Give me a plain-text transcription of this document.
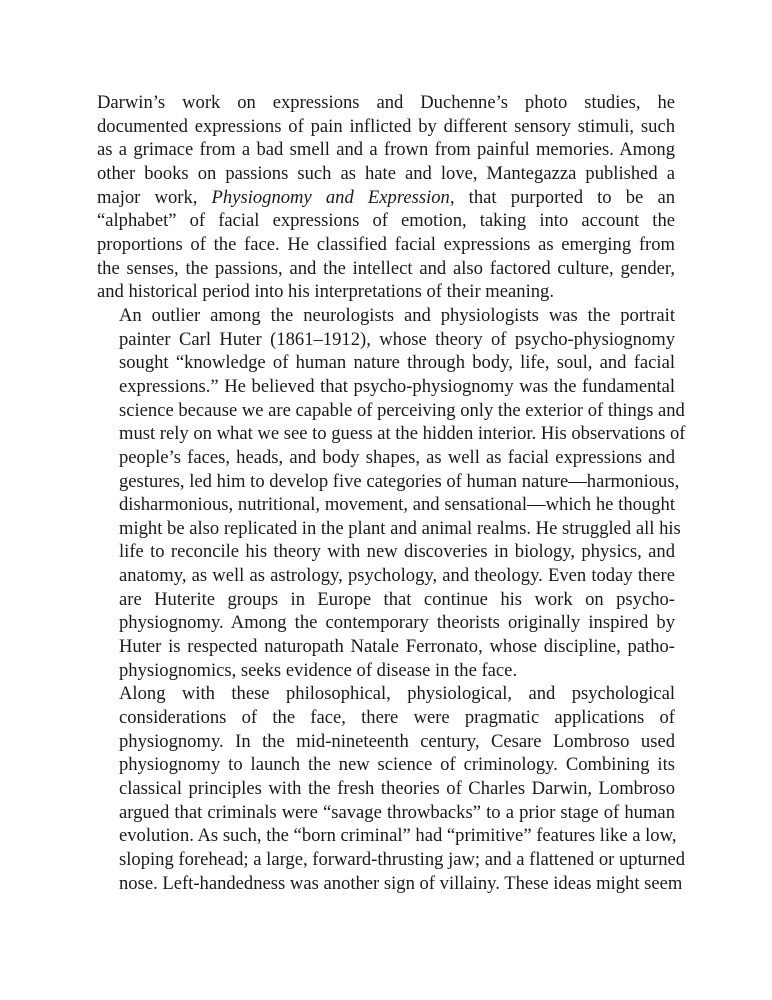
Darwin’s work on expressions and Duchenne’s photo studies, he
documented expressions of pain inflicted by different sensory stimuli, such
as a grimace from a bad smell and a frown from painful memories. Among
other books on passions such as hate and love, Mantegazza published a
major work, Physiognomy and Expression, that purported to be an
“alphabet” of facial expressions of emotion, taking into account the
proportions of the face. He classified facial expressions as emerging from
the senses, the passions, and the intellect and also factored culture, gender,
and historical period into his interpretations of their meaning.
An outlier among the neurologists and physiologists was the portrait
painter Carl Huter (1861–1912), whose theory of psycho-physiognomy
sought “knowledge of human nature through body, life, soul, and facial
expressions.” He believed that psycho-physiognomy was the fundamental
science because we are capable of perceiving only the exterior of things and
must rely on what we see to guess at the hidden interior. His observations of
people’s faces, heads, and body shapes, as well as facial expressions and
gestures, led him to develop five categories of human nature—harmonious,
disharmonious, nutritional, movement, and sensational—which he thought
might be also replicated in the plant and animal realms. He struggled all his
life to reconcile his theory with new discoveries in biology, physics, and
anatomy, as well as astrology, psychology, and theology. Even today there
are Huterite groups in Europe that continue his work on psycho-
physiognomy. Among the contemporary theorists originally inspired by
Huter is respected naturopath Natale Ferronato, whose discipline, patho-
physiognomics, seeks evidence of disease in the face.
Along with these philosophical, physiological, and psychological
considerations of the face, there were pragmatic applications of
physiognomy. In the mid-nineteenth century, Cesare Lombroso used
physiognomy to launch the new science of criminology. Combining its
classical principles with the fresh theories of Charles Darwin, Lombroso
argued that criminals were “savage throwbacks” to a prior stage of human
evolution. As such, the “born criminal” had “primitive” features like a low,
sloping forehead; a large, forward-thrusting jaw; and a flattened or upturned
nose. Left-handedness was another sign of villainy. These ideas might seem
